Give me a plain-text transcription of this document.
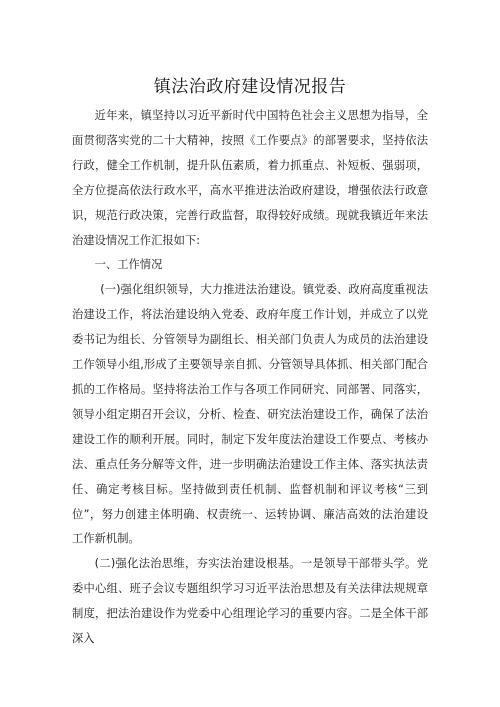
镇法治政府建设情况报告

近年来，镇坚持以习近平新时代中国特色社会主义思想为指导，全面贯彻落实党的二十大精神，按照《工作要点》的部署要求，坚持依法行政，健全工作机制，提升队伍素质，着力抓重点、补短板、强弱项，全方位提高依法行政水平，高水平推进法治政府建设，增强依法行政意识，规范行政决策，完善行政监督，取得较好成绩。现就我镇近年来法治建设情况工作汇报如下:

一、工作情况

(一)强化组织领导，大力推进法治建设。镇党委、政府高度重视法治建设工作，将法治建设纳入党委、政府年度工作计划，并成立了以党委书记为组长、分管领导为副组长、相关部门负责人为成员的法治建设工作领导小组,形成了主要领导亲自抓、分管领导具体抓、相关部门配合抓的工作格局。坚持将法治工作与各项工作同研究、同部署、同落实，领导小组定期召开会议，分析、检查、研究法治建设工作，确保了法治建设工作的顺利开展。同时，制定下发年度法治建设工作要点、考核办法、重点任务分解等文件，进一步明确法治建设工作主体、落实执法责任、确定考核目标。坚持做到责任机制、监督机制和评议考核“三到位”，努力创建主体明确、权责统一、运转协调、廉洁高效的法治建设工作新机制。

(二)强化法治思维，夯实法治建设根基。一是领导干部带头学。党委中心组、班子会议专题组织学习习近平法治思想及有关法律法规规章制度，把法治建设作为党委中心组理论学习的重要内容。二是全体干部深入
